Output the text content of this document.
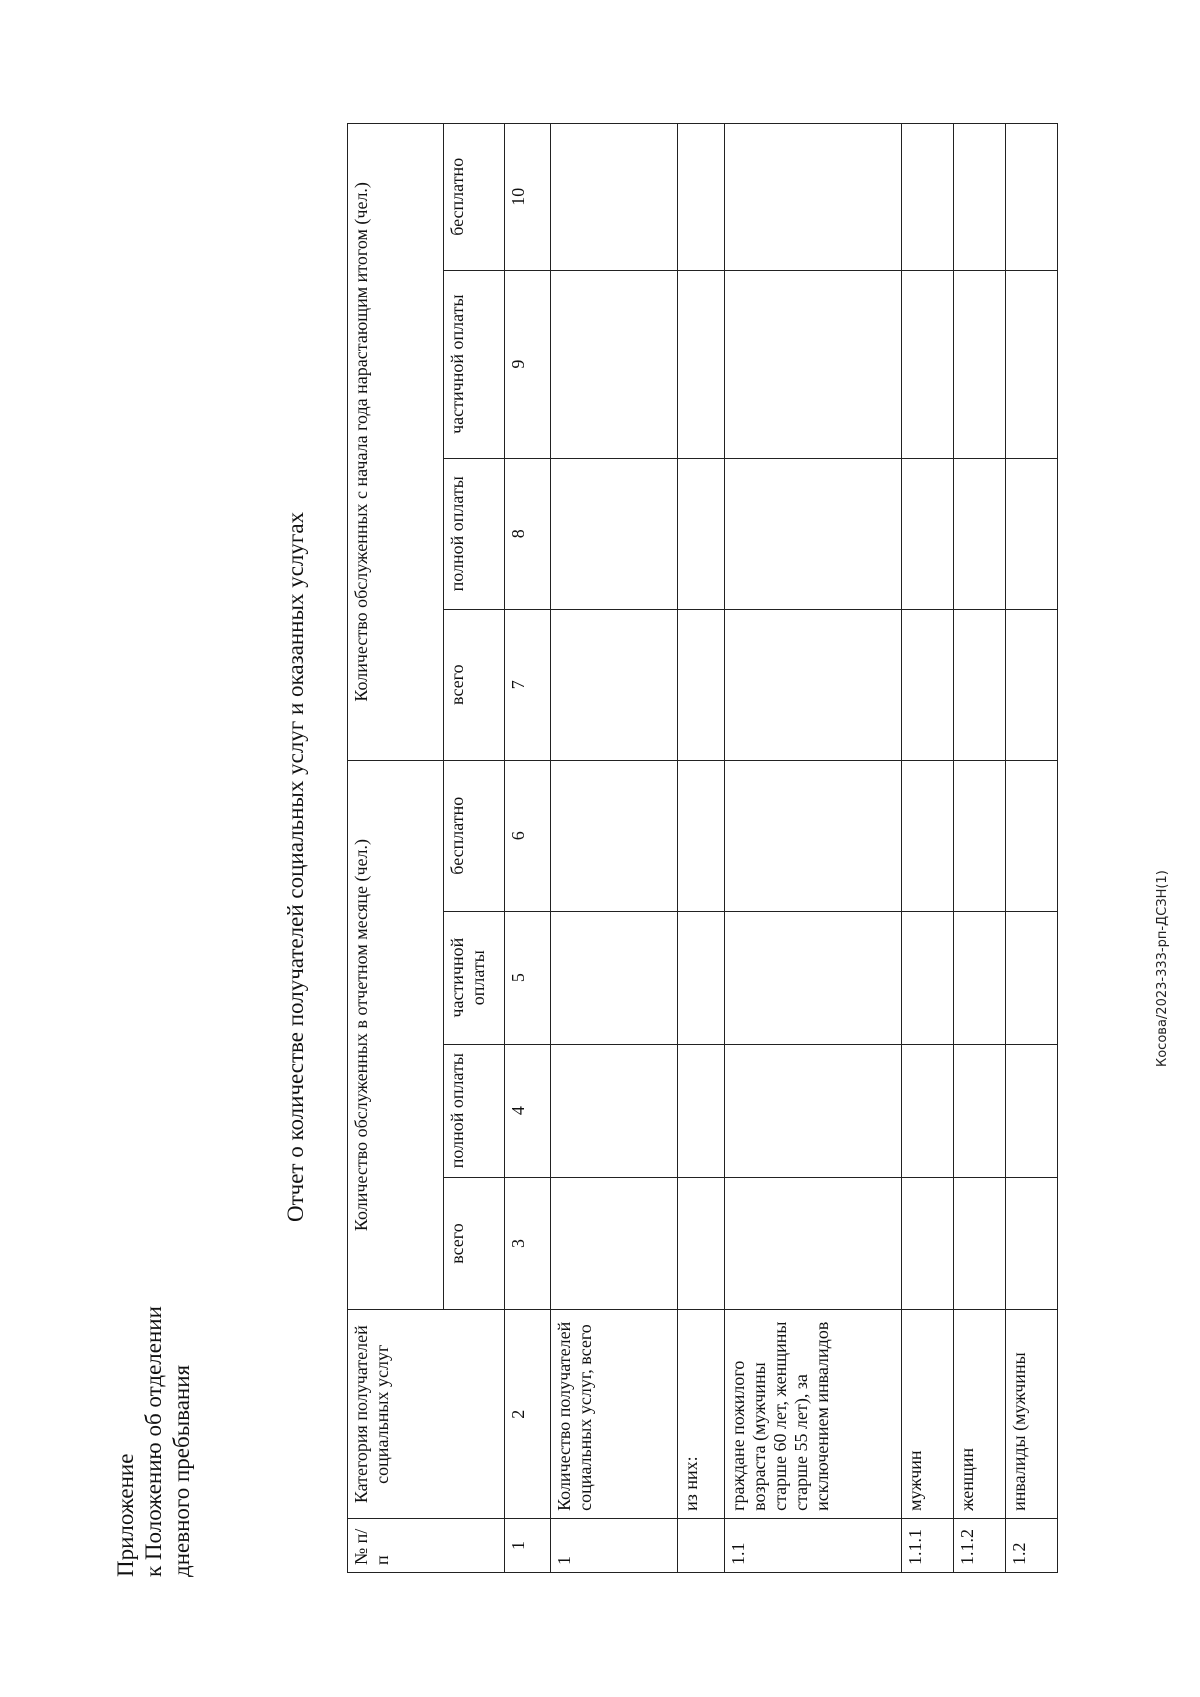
Приложение к Положению об отделении дневного пребывания
Отчет о количестве получателей социальных услуг и оказанных услугах
№ п/п	Категория получателей социальных услуг	Количество обслуженных в отчетном месяце (чел.)				Количество обслуженных с начала года нарастающим итогом (чел.)			
		всего	полной оплаты	частичной оплаты	бесплатно	всего	полной оплаты	частичной оплаты	бесплатно
1	2	3	4	5	6	7	8	9	10
1	Количество получателей социальных услуг, всего								
	из них:								
1.1	граждане пожилого возраста (мужчины старше 60 лет, женщины старше 55 лет), за исключением инвалидов								
1.1.1	мужчин								
1.1.2	женщин								
1.2	инвалиды (мужчины								
Косова/2023-333-рп-ДСЗН(1)
